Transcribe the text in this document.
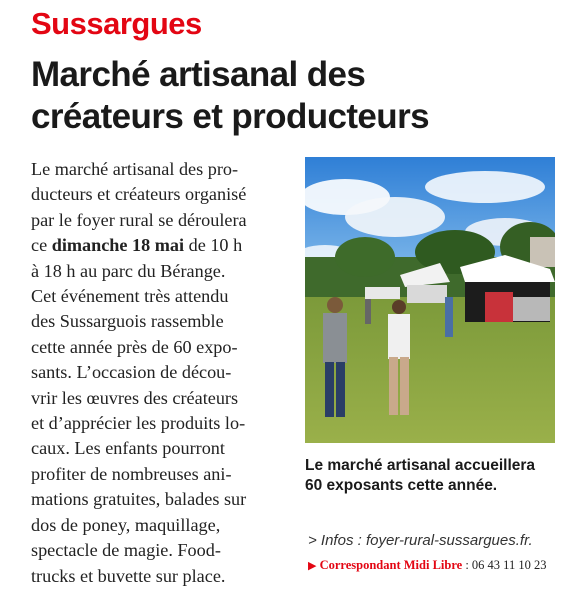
Sussargues
Marché artisanal des
créateurs et producteurs
Le marché artisanal des pro-
ducteurs et créateurs organisé
par le foyer rural se déroulera
ce dimanche 18 mai de 10 h
à 18 h au parc du Bérange.
Cet événement très attendu
des Sussarguois rassemble
cette année près de 60 expo-
sants. L’occasion de décou-
vrir les œuvres des créateurs
et d’apprécier les produits lo-
caux. Les enfants pourront
profiter de nombreuses ani-
mations gratuites, balades sur
dos de poney, maquillage,
spectacle de magie. Food-
trucks et buvette sur place.

Le marché artisanal accueillera
60 exposants cette année.

> Infos : foyer-rural-sussargues.fr.
▶ Correspondant Midi Libre : 06 43 11 10 23
